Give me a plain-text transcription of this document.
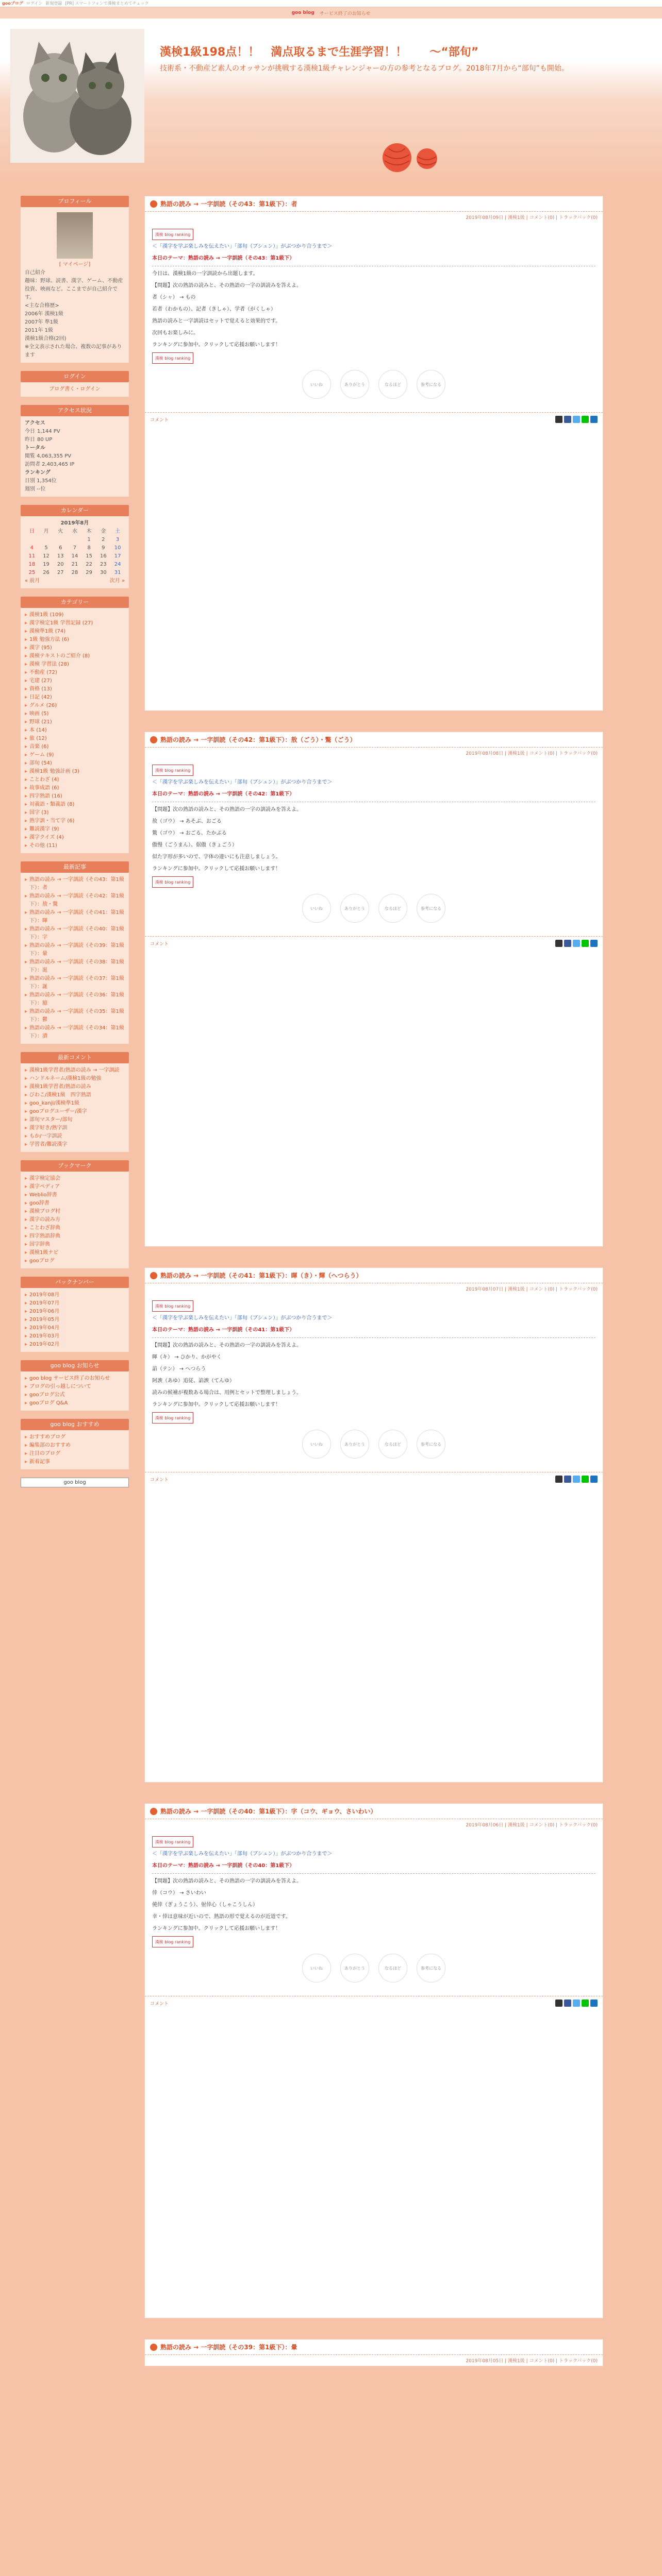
gooブログ ログイン 新規登録 [PR] スマートフォンで漢検まとめてチェック
goo blog サービス終了のお知らせ
漢検1級198点！！　満点取るまで生涯学習！！　　～“部旬”
技術系・不動産ど素人のオッサンが挑戦する漢検1級チャレンジャーの方の参考となるブログ。2018年7月から“部旬”も開始。
プロフィール
[ マイページ]
自己紹介
趣味：野球、読書、漢字、ゲーム、不動産投資、映画など。ここまでが自己紹介です。
<主な合格歴>
2006年 漢検1級
2007年 準1級
2011年 1級
漢検1級合格(2回)
※全文表示された場合、複数の記事があります
ログイン
ブログ書く・ログイン
アクセス状況
アクセス
今日 1,144 PV
昨日 80 UP
トータル
閲覧 4,063,355 PV
訪問者 2,403,465 IP
ランキング
日別 1,354位
週別 --位
カレンダー
2019年8月
日	月	火	水	木	金	土
				1	2	3
4	5	6	7	8	9	10
11	12	13	14	15	16	17
18	19	20	21	22	23	24
25	26	27	28	29	30	31
« 前月	次月 »
カテゴリー
▸ 漢検1級 (109)
▸ 漢字検定1級 学習記録 (27)
▸ 漢検準1級 (74)
▸ 1級 勉強方法 (6)
▸ 漢字 (95)
▸ 漢検テキストのご紹介 (8)
▸ 漢検 学習法 (28)
▸ 不動産 (72)
▸ 宅建 (27)
▸ 資格 (13)
▸ 日記 (42)
▸ グルメ (26)
▸ 映画 (5)
▸ 野球 (21)
▸ 本 (14)
▸ 旅 (12)
▸ 音楽 (6)
▸ ゲーム (9)
▸ 部旬 (54)
▸ 漢検1級 勉強計画 (3)
▸ ことわざ (4)
▸ 故事成語 (6)
▸ 四字熟語 (16)
▸ 対義語・類義語 (8)
▸ 国字 (3)
▸ 熟字訓・当て字 (6)
▸ 難読漢字 (9)
▸ 漢字クイズ (4)
▸ その他 (11)
最新記事
▸ 熟語の読み → 一字訓読（その43：第1級下）：者
▸ 熟語の読み → 一字訓読（その42：第1級下）：敖・驁
▸ 熟語の読み → 一字訓読（その41：第1級下）：暉
▸ 熟語の読み → 一字訓読（その40：第1級下）：字
▸ 熟語の読み → 一字訓読（その39：第1級下）：暈
▸ 熟語の読み → 一字訓読（その38：第1級下）：涎
▸ 熟語の読み → 一字訓読（その37：第1級下）：誕
▸ 熟語の読み → 一字訓読（その36：第1級下）：臆
▸ 熟語の読み → 一字訓読（その35：第1級下）：鬱
▸ 熟語の読み → 一字訓読（その34：第1級下）：潰
最新コメント
▸ 漢検1級学習者/熟語の読み → 一字訓読
▸ ハンドルネーム/漢検1級の勉強
▸ 漢検1級学習者/熟語の読み
▸ びわこ/漢検1級　四字熟語
▸ goo_kanji/漢検準1級
▸ gooブログユーザー/漢字
▸ 部旬マスター/部旬
▸ 漢字好き/熟字訓
▸ もか/一字訓読
▸ 学習者/難読漢字
ブックマーク
▸ 漢字検定協会
▸ 漢字ペディア
▸ Weblio辞書
▸ goo辞書
▸ 漢検ブログ村
▸ 漢字の読み方
▸ ことわざ辞典
▸ 四字熟語辞典
▸ 国字辞典
▸ 漢検1級ナビ
▸ gooブログ
バックナンバー
▸ 2019年08月
▸ 2019年07月
▸ 2019年06月
▸ 2019年05月
▸ 2019年04月
▸ 2019年03月
▸ 2019年02月
goo blog お知らせ
▸ goo blog サービス終了のお知らせ
▸ ブログの引っ越しについて
▸ gooブログ公式
▸ gooブログ Q&A
goo blog おすすめ
▸ おすすめブログ
▸ 編集部のおすすめ
▸ 注目のブログ
▸ 新着記事
goo blog
熟語の読み → 一字訓読（その43：第1級下）：者
2019年08月09日 | 漢検1級 | コメント(0) | トラックバック(0)
漢検 blog ranking
＜「漢字を学ぶ楽しみを伝えたい」「部旬（ブシュン）」がぶつかり合うまで＞
本日のテーマ：熟語の読み → 一字訓読（その43：第1級下）
今日は、漢検1級の一字訓読から出題します。
【問題】次の熟語の読みと、その熟語の一字の訓読みを答えよ。
者（シャ） → もの
若者（わかもの）、記者（きしゃ）、学者（がくしゃ）
熟語の読みと一字訓読はセットで覚えると効果的です。
次回もお楽しみに。
ランキングに参加中。クリックして応援お願いします！
漢検 blog ranking
いいね	ありがとう	なるほど	参考になる
コメント
熟語の読み → 一字訓読（その42：第1級下）：敖（ごう）・驁（ごう）
2019年08月08日 | 漢検1級 | コメント(0) | トラックバック(0)
漢検 blog ranking
＜「漢字を学ぶ楽しみを伝えたい」「部旬（ブシュン）」がぶつかり合うまで＞
本日のテーマ：熟語の読み → 一字訓読（その42：第1級下）
【問題】次の熟語の読みと、その熟語の一字の訓読みを答えよ。
敖（ゴウ） → あそぶ、おごる
驁（ゴウ） → おごる、たかぶる
傲慢（ごうまん）、倨傲（きょごう）
似た字形が多いので、字体の違いにも注意しましょう。
ランキングに参加中。クリックして応援お願いします！
漢検 blog ranking
いいね	ありがとう	なるほど	参考になる
コメント
熟語の読み → 一字訓読（その41：第1級下）：暉（き）・輝（へつらう）
2019年08月07日 | 漢検1級 | コメント(0) | トラックバック(0)
漢検 blog ranking
＜「漢字を学ぶ楽しみを伝えたい」「部旬（ブシュン）」がぶつかり合うまで＞
本日のテーマ：熟語の読み → 一字訓読（その41：第1級下）
【問題】次の熟語の読みと、その熟語の一字の訓読みを答えよ。
暉（キ） → ひかり、かがやく
諂（テン） → へつらう
阿諛（あゆ）追従、諂諛（てんゆ）
読みの候補が複数ある場合は、用例とセットで整理しましょう。
ランキングに参加中。クリックして応援お願いします！
漢検 blog ranking
いいね	ありがとう	なるほど	参考になる
コメント
熟語の読み → 一字訓読（その40：第1級下）：字（コウ、ギョウ、さいわい）
2019年08月06日 | 漢検1級 | コメント(0) | トラックバック(0)
漢検 blog ranking
＜「漢字を学ぶ楽しみを伝えたい」「部旬（ブシュン）」がぶつかり合うまで＞
本日のテーマ：熟語の読み → 一字訓読（その40：第1級下）
【問題】次の熟語の読みと、その熟語の一字の訓読みを答えよ。
倖（コウ） → さいわい
僥倖（ぎょうこう）、射倖心（しゃこうしん）
幸・倖は意味が近いので、熟語の形で覚えるのが近道です。
ランキングに参加中。クリックして応援お願いします！
漢検 blog ranking
いいね	ありがとう	なるほど	参考になる
コメント
熟語の読み → 一字訓読（その39：第1級下）：暈
2019年08月05日 | 漢検1級 | コメント(0) | トラックバック(0)
